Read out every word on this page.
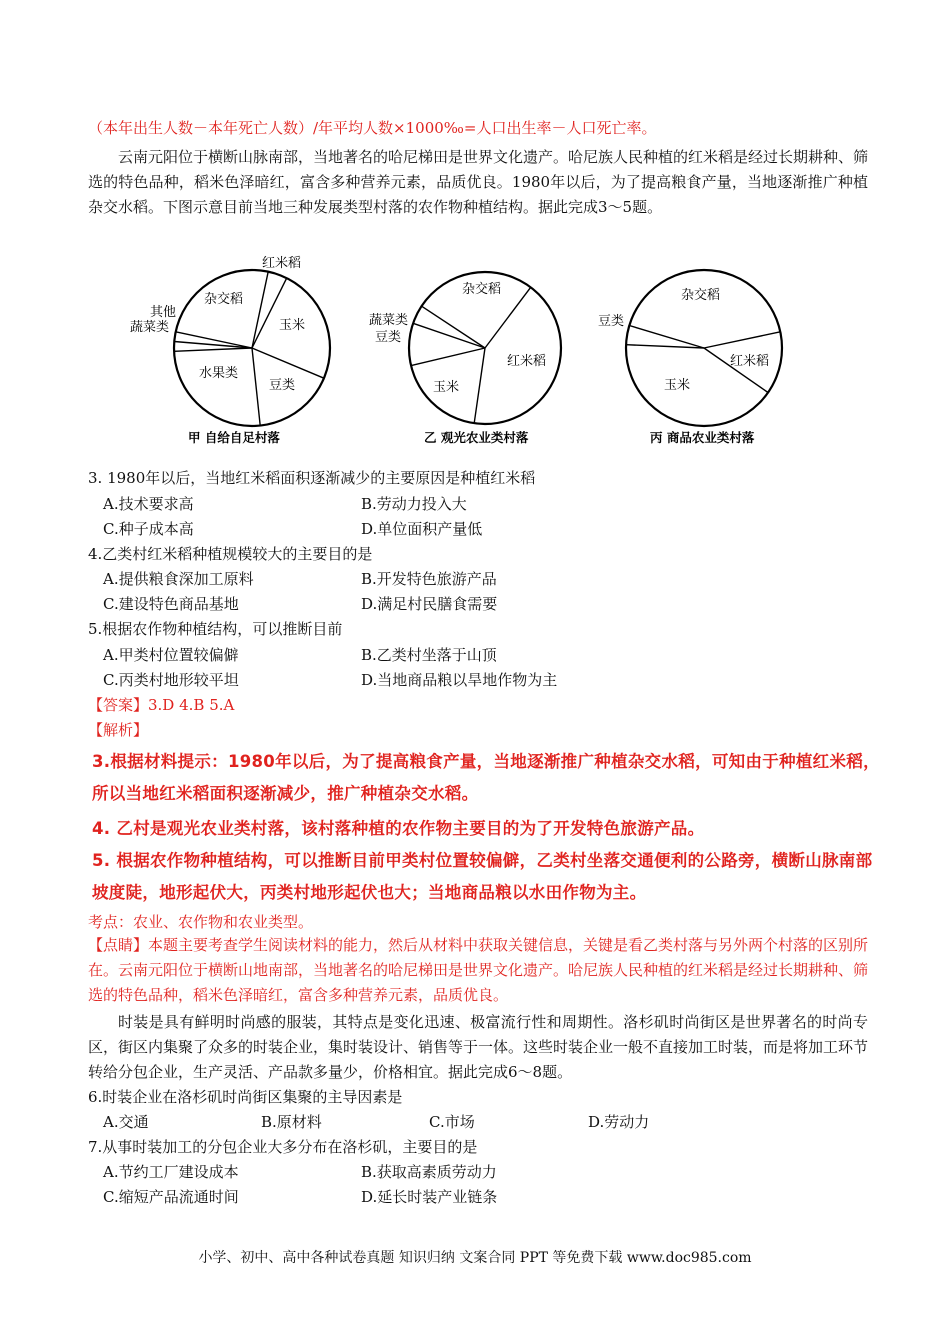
（本年出生人数－本年死亡人数）/年平均人数×1000‰=人口出生率－人口死亡率。
云南元阳位于横断山脉南部，当地著名的哈尼梯田是世界文化遗产。哈尼族人民种植的红米稻是经过长期耕种、筛选的特色品种，稻米色泽暗红，富含多种营养元素，品质优良。1980年以后，为了提高粮食产量，当地逐渐推广种植杂交水稻。下图示意目前当地三种发展类型村落的农作物种植结构。据此完成3～5题。
红米稻
玉米
豆类
水果类
蔬菜类
其他
杂交稻
甲 自给自足村落
红米稻
玉米
豆类
蔬菜类
杂交稻
乙 观光农业类村落
红米稻
玉米
豆类
杂交稻
丙 商品农业类村落
3. 1980年以后，当地红米稻面积逐渐减少的主要原因是种植红米稻
A.技术要求高	B.劳动力投入大
C.种子成本高	D.单位面积产量低
4.乙类村红米稻种植规模较大的主要目的是
A.提供粮食深加工原料	B.开发特色旅游产品
C.建设特色商品基地	D.满足村民膳食需要
5.根据农作物种植结构，可以推断目前
A.甲类村位置较偏僻	B.乙类村坐落于山顶
C.丙类村地形较平坦	D.当地商品粮以旱地作物为主
【答案】3.D 4.B 5.A
【解析】
3.根据材料提示：1980年以后，为了提高粮食产量，当地逐渐推广种植杂交水稻，可知由于种植红米稻，
所以当地红米稻面积逐渐减少，推广种植杂交水稻。
4. 乙村是观光农业类村落，该村落种植的农作物主要目的为了开发特色旅游产品。
5. 根据农作物种植结构，可以推断目前甲类村位置较偏僻，乙类村坐落交通便利的公路旁，横断山脉南部
坡度陡，地形起伏大，丙类村地形起伏也大；当地商品粮以水田作物为主。
考点：农业、农作物和农业类型。
【点睛】本题主要考查学生阅读材料的能力，然后从材料中获取关键信息，关键是看乙类村落与另外两个村落的区别所在。云南元阳位于横断山地南部，当地著名的哈尼梯田是世界文化遗产。哈尼族人民种植的红米稻是经过长期耕种、筛选的特色品种，稻米色泽暗红，富含多种营养元素，品质优良。
时装是具有鲜明时尚感的服装，其特点是变化迅速、极富流行性和周期性。洛杉矶时尚街区是世界著名的时尚专区，街区内集聚了众多的时装企业，集时装设计、销售等于一体。这些时装企业一般不直接加工时装，而是将加工环节转给分包企业，生产灵活、产品款多量少，价格相宜。据此完成6～8题。
6.时装企业在洛杉矶时尚街区集聚的主导因素是
A.交通	B.原材料	C.市场	D.劳动力
7.从事时装加工的分包企业大多分布在洛杉矶，主要目的是
A.节约工厂建设成本	B.获取高素质劳动力
C.缩短产品流通时间	D.延长时装产业链条
小学、初中、高中各种试卷真题 知识归纳 文案合同 PPT 等免费下载 www.doc985.com
